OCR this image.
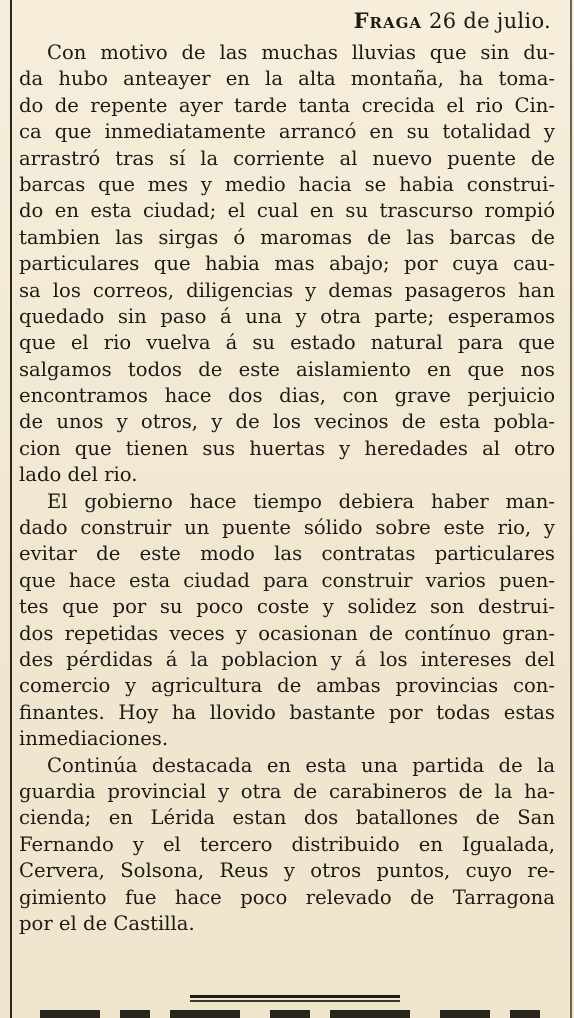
Fraga 26 de julio.

Con motivo de las muchas lluvias que sin du-
da hubo anteayer en la alta montaña, ha toma-
do de repente ayer tarde tanta crecida el rio Cin-
ca que inmediatamente arrancó en su totalidad y
arrastró tras sí la corriente al nuevo puente de
barcas que mes y medio hacia se habia construi-
do en esta ciudad; el cual en su trascurso rompió
tambien las sirgas ó maromas de las barcas de
particulares que habia mas abajo; por cuya cau-
sa los correos, diligencias y demas pasageros han
quedado sin paso á una y otra parte; esperamos
que el rio vuelva á su estado natural para que
salgamos todos de este aislamiento en que nos
encontramos hace dos dias, con grave perjuicio
de unos y otros, y de los vecinos de esta pobla-
cion que tienen sus huertas y heredades al otro
lado del rio.

El gobierno hace tiempo debiera haber man-
dado construir un puente sólido sobre este rio, y
evitar de este modo las contratas particulares
que hace esta ciudad para construir varios puen-
tes que por su poco coste y solidez son destrui-
dos repetidas veces y ocasionan de contínuo gran-
des pérdidas á la poblacion y á los intereses del
comercio y agricultura de ambas provincias con-
finantes. Hoy ha llovido bastante por todas estas
inmediaciones.

Continúa destacada en esta una partida de la
guardia provincial y otra de carabineros de la ha-
cienda; en Lérida estan dos batallones de San
Fernando y el tercero distribuido en Igualada,
Cervera, Solsona, Reus y otros puntos, cuyo re-
gimiento fue hace poco relevado de Tarragona
por el de Castilla.
